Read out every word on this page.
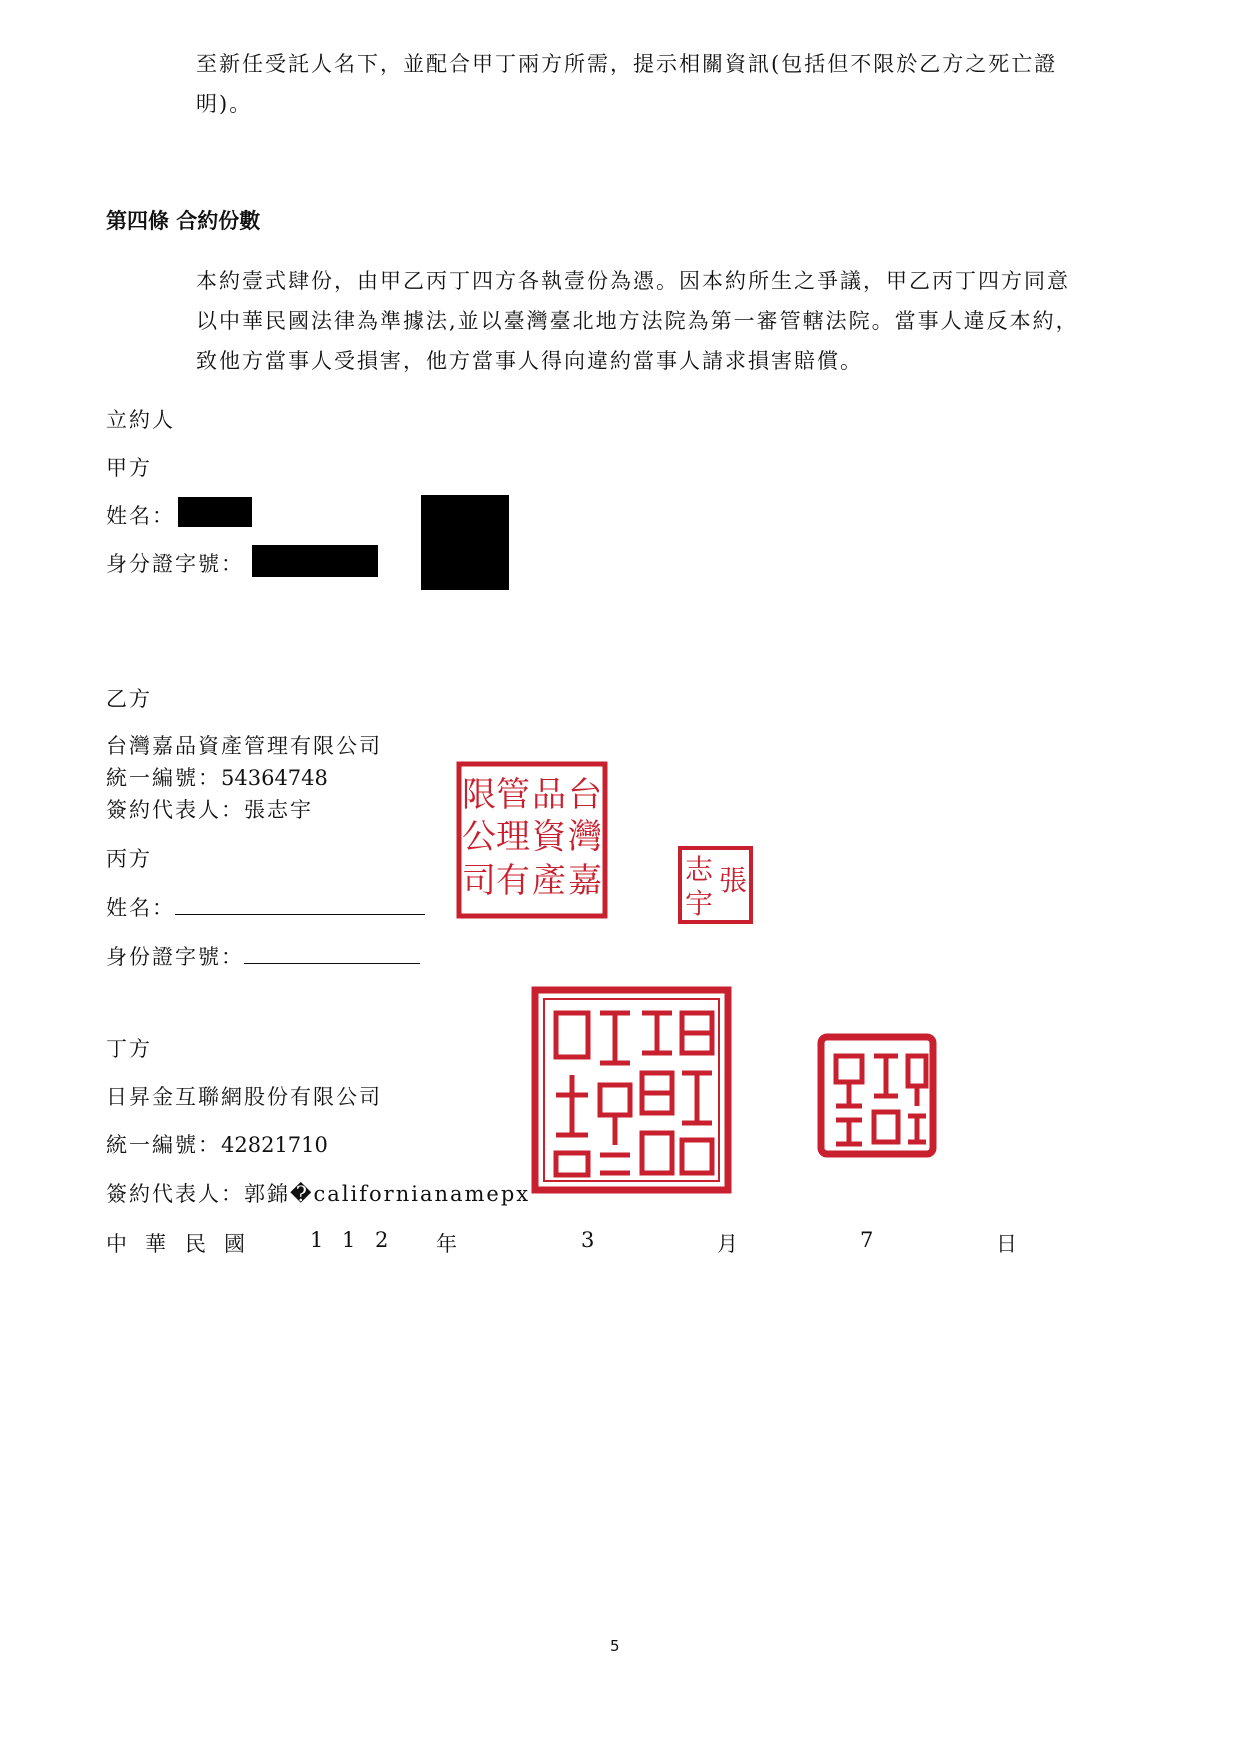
至新任受託人名下，並配合甲丁兩方所需，提示相關資訊(包括但不限於乙方之死亡證
明)。
第四條 合約份數
本約壹式肆份，由甲乙丙丁四方各執壹份為憑。因本約所生之爭議，甲乙丙丁四方同意
以中華民國法律為準據法,並以臺灣臺北地方法院為第一審管轄法院。當事人違反本約，
致他方當事人受損害，他方當事人得向違約當事人請求損害賠償。
立約人
甲方
姓名：
身分證字號：
乙方
台灣嘉品資產管理有限公司
統一編號：54364748
簽約代表人：張志宇	台
灣
嘉
品
資
產
管
理
有
限
公
司	張
志
宇
丙方
姓名：
身份證字號：
丁方
日昇金互聯網股份有限公司
統一編號：42821710
簽約代表人：郭錦�californianamepx
中 華 民 國	1 1 2 年	3	月	7	日
5
